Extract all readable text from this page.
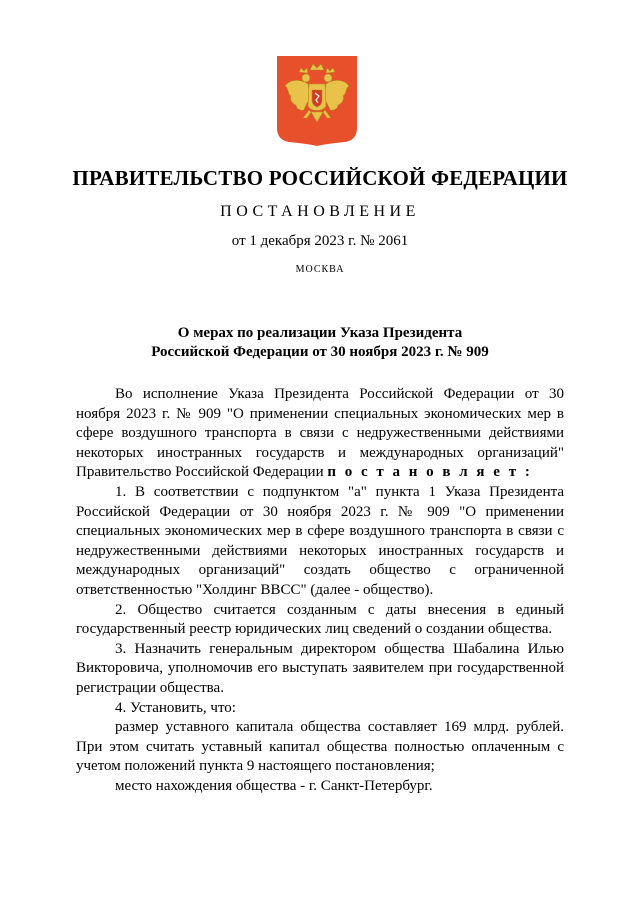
ПРАВИТЕЛЬСТВО РОССИЙСКОЙ ФЕДЕРАЦИИ
ПОСТАНОВЛЕНИЕ
от 1 декабря 2023 г. № 2061
МОСКВА
О мерах по реализации Указа Президента
Российской Федерации от 30 ноября 2023 г. № 909

Во исполнение Указа Президента Российской Федерации от 30 ноября 2023 г. № 909 "О применении специальных экономических мер в сфере воздушного транспорта в связи с недружественными действиями некоторых иностранных государств и международных организаций" Правительство Российской Федерации п о с т а н о в л я е т :

1. В соответствии с подпунктом "а" пункта 1 Указа Президента Российской Федерации от 30 ноября 2023 г. № 909 "О применении специальных экономических мер в сфере воздушного транспорта в связи с недружественными действиями некоторых иностранных государств и международных организаций" создать общество с ограниченной ответственностью "Холдинг ВВСС" (далее - общество).

2. Общество считается созданным с даты внесения в единый государственный реестр юридических лиц сведений о создании общества.

3. Назначить генеральным директором общества Шабалина Илью Викторовича, уполномочив его выступать заявителем при государственной регистрации общества.

4. Установить, что:

размер уставного капитала общества составляет 169 млрд. рублей. При этом считать уставный капитал общества полностью оплаченным с учетом положений пункта 9 настоящего постановления;

место нахождения общества - г. Санкт-Петербург.
